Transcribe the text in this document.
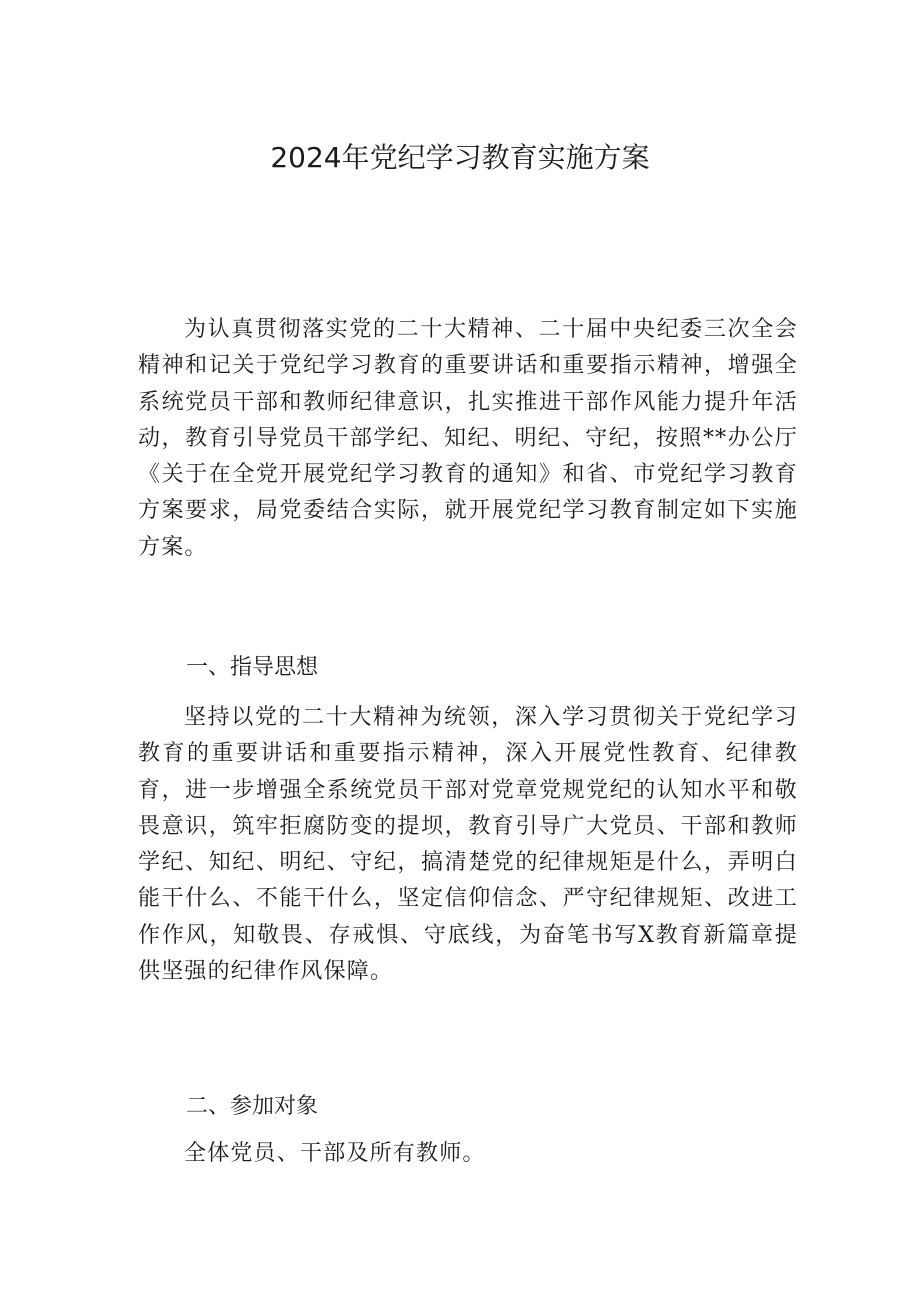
2024年党纪学习教育实施方案

为认真贯彻落实党的二十大精神、二十届中央纪委三次全会精神和记关于党纪学习教育的重要讲话和重要指示精神，增强全系统党员干部和教师纪律意识，扎实推进干部作风能力提升年活动，教育引导党员干部学纪、知纪、明纪、守纪，按照**办公厅《关于在全党开展党纪学习教育的通知》和省、市党纪学习教育方案要求，局党委结合实际，就开展党纪学习教育制定如下实施方案。

一、指导思想

坚持以党的二十大精神为统领，深入学习贯彻关于党纪学习教育的重要讲话和重要指示精神，深入开展党性教育、纪律教育，进一步增强全系统党员干部对党章党规党纪的认知水平和敬畏意识，筑牢拒腐防变的提坝，教育引导广大党员、干部和教师学纪、知纪、明纪、守纪，搞清楚党的纪律规矩是什么，弄明白能干什么、不能干什么，坚定信仰信念、严守纪律规矩、改进工作作风，知敬畏、存戒惧、守底线，为奋笔书写X教育新篇章提供坚强的纪律作风保障。

二、参加对象

全体党员、干部及所有教师。
